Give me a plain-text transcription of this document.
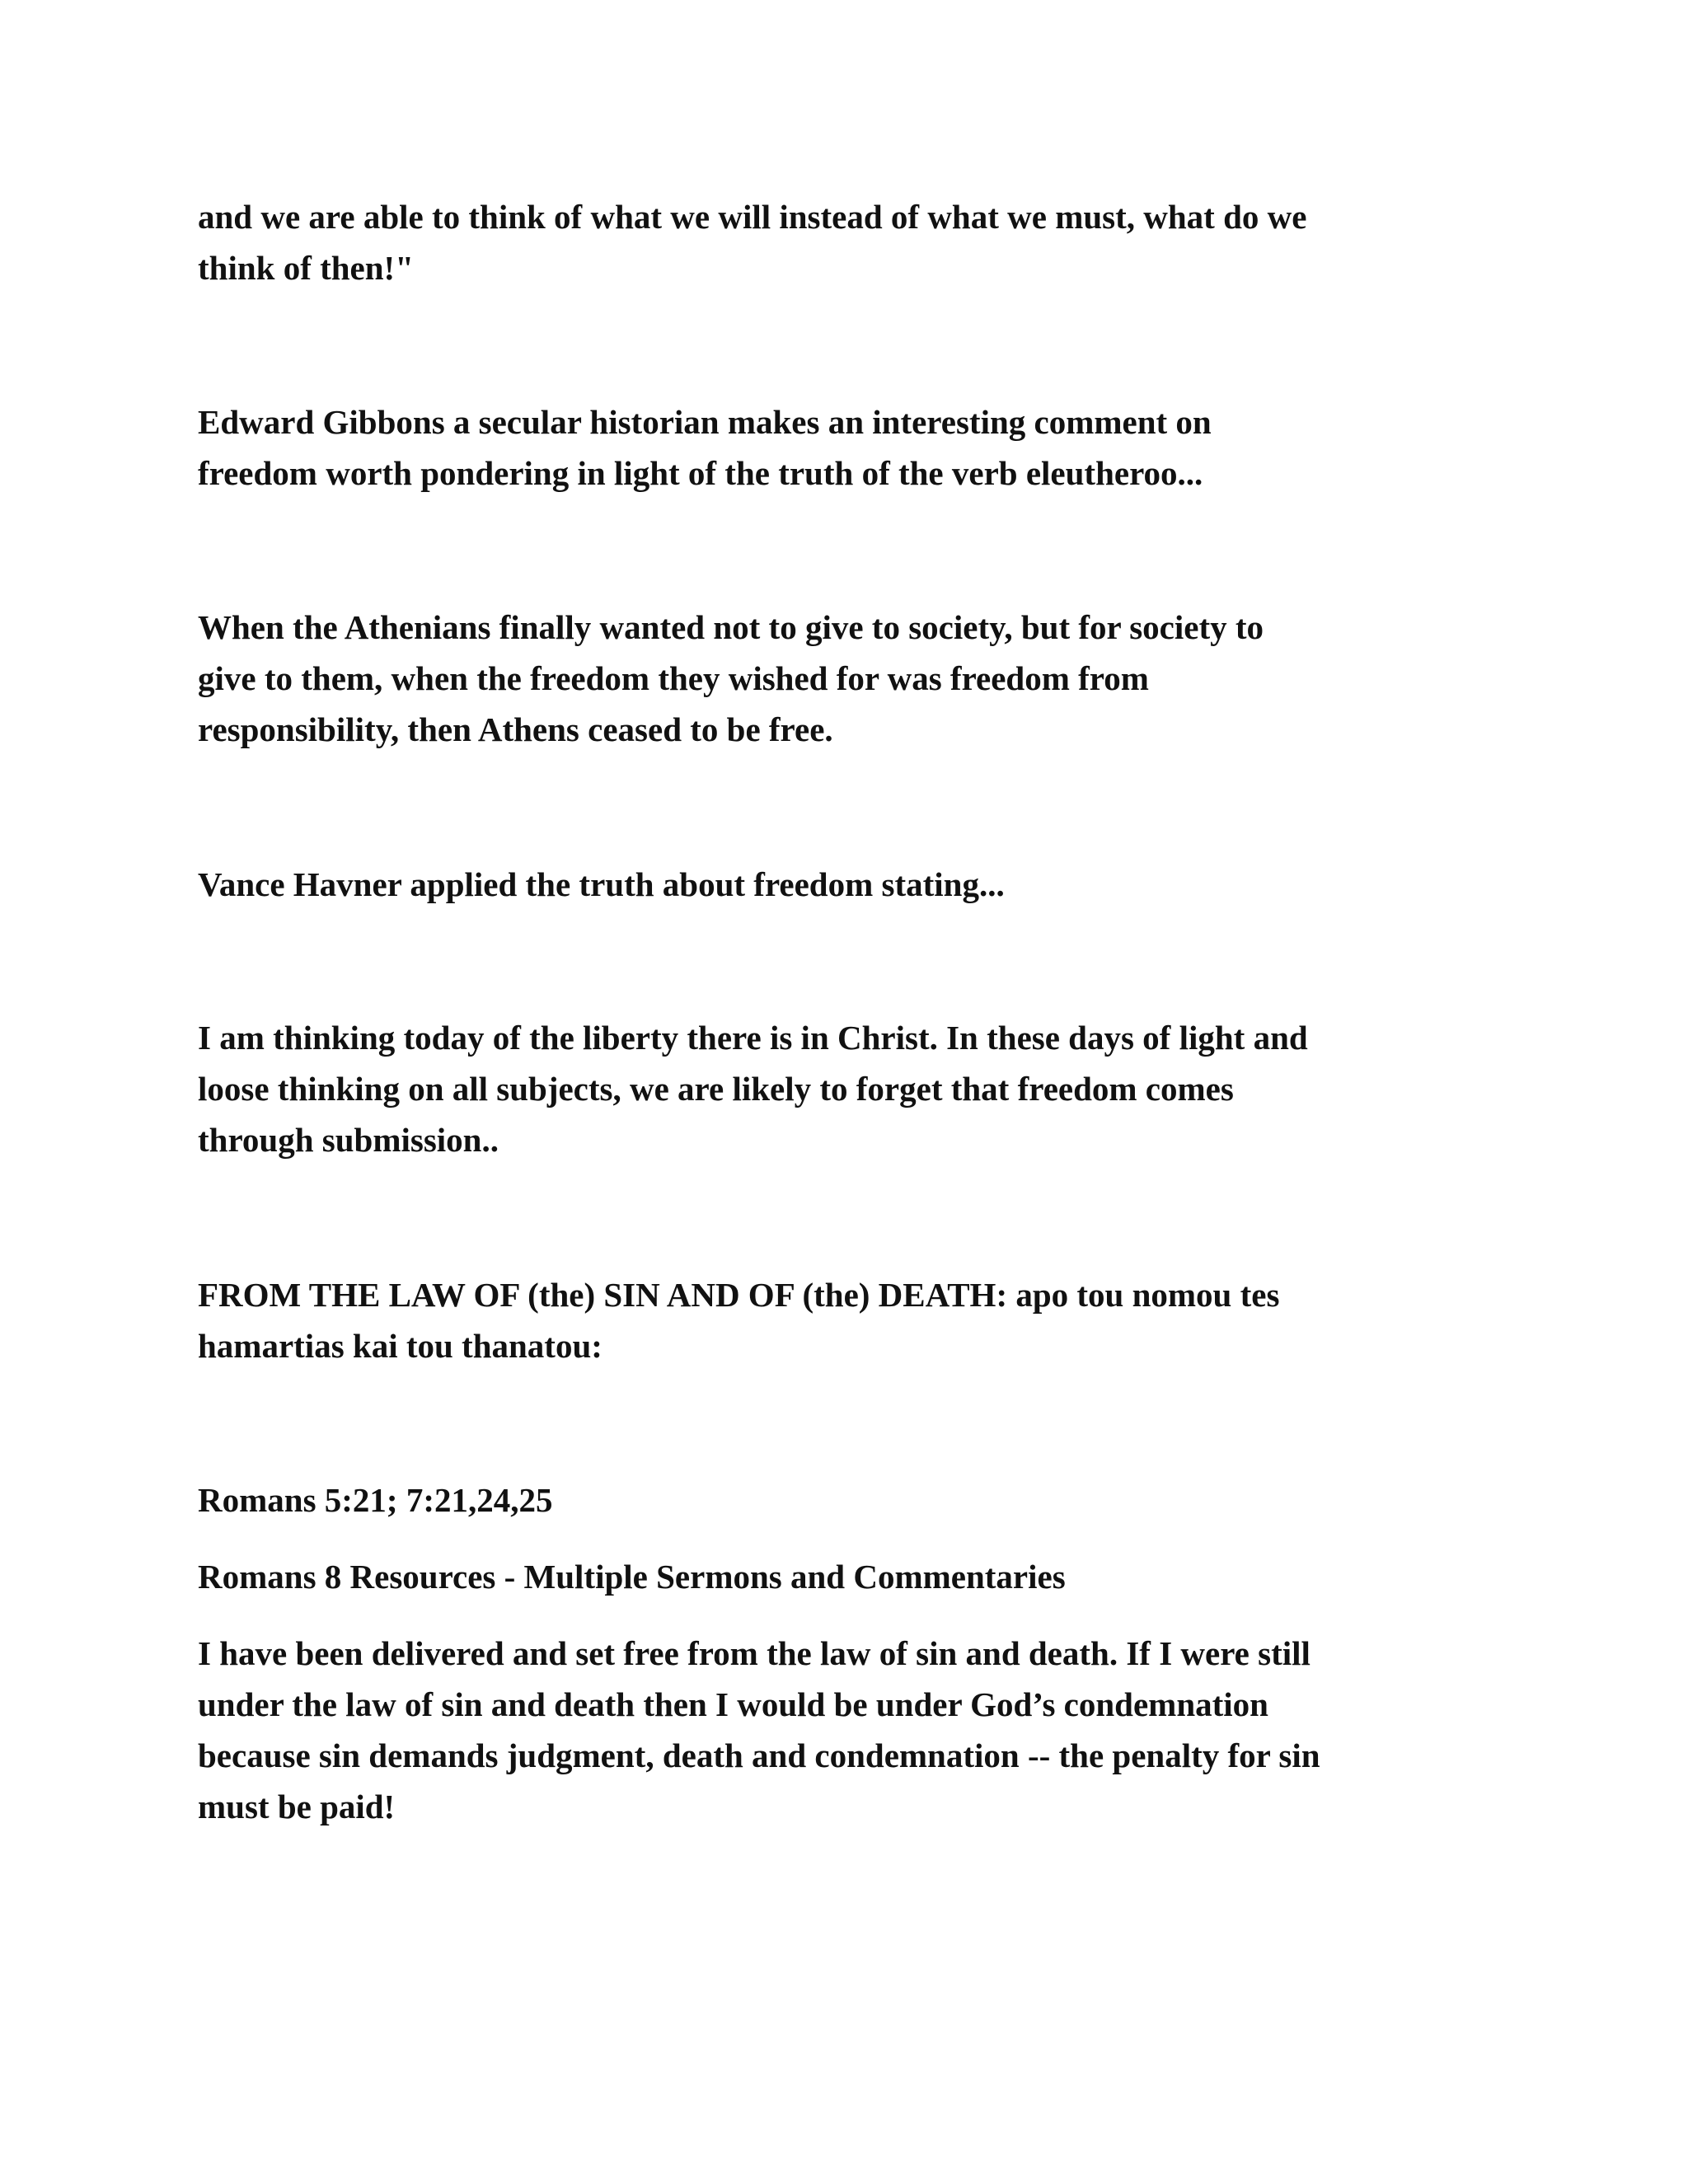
and we are able to think of what we will instead of what we must, what do we
think of then!"

Edward Gibbons a secular historian makes an interesting comment on
freedom worth pondering in light of the truth of the verb eleutheroo...

When the Athenians finally wanted not to give to society, but for society to
give to them, when the freedom they wished for was freedom from
responsibility, then Athens ceased to be free.

Vance Havner applied the truth about freedom stating...

I am thinking today of the liberty there is in Christ. In these days of light and
loose thinking on all subjects, we are likely to forget that freedom comes
through submission..

FROM THE LAW OF (the) SIN AND OF (the) DEATH: apo tou nomou tes
hamartias kai tou thanatou:

Romans 5:21; 7:21,24,25

Romans 8 Resources - Multiple Sermons and Commentaries

I have been delivered and set free from the law of sin and death. If I were still
under the law of sin and death then I would be under God’s condemnation
because sin demands judgment, death and condemnation -- the penalty for sin
must be paid!
